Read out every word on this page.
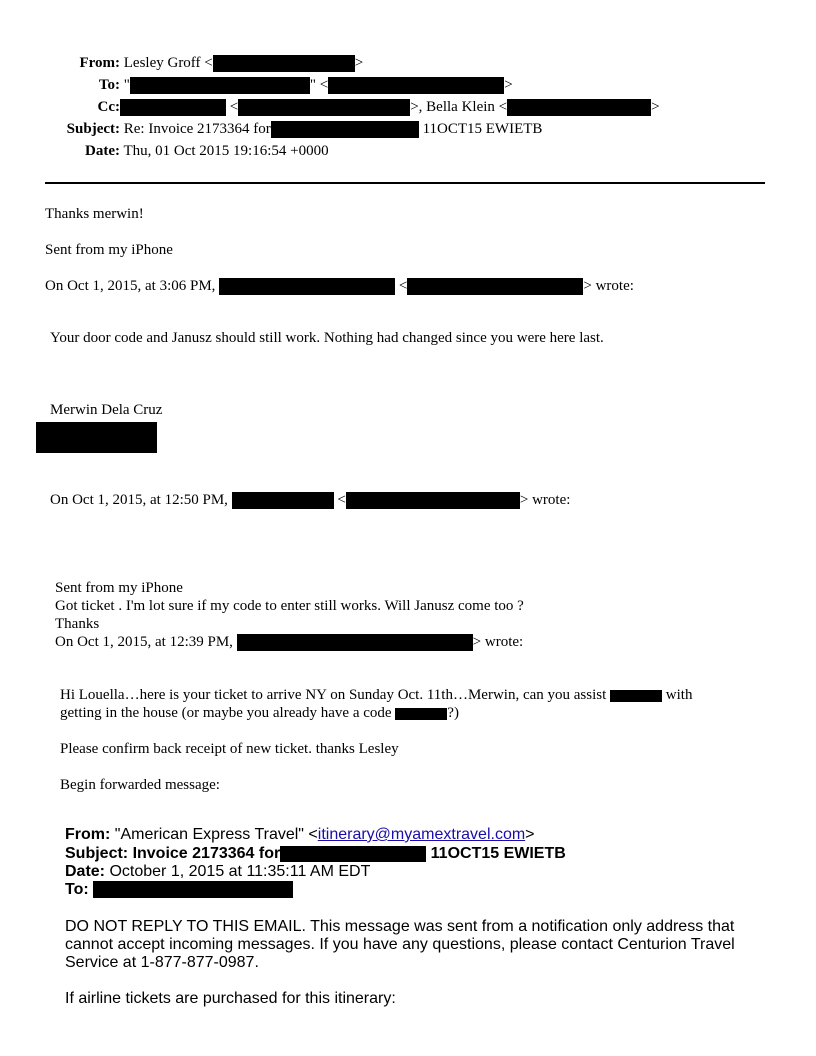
From: Lesley Groff <	>
To: "	" <	>
Cc:	<	>, Bella Klein <	>
Subject: Re: Invoice 2173364 for	11OCT15 EWIETB
Date: Thu, 01 Oct 2015 19:16:54 +0000
Thanks merwin!
Sent from my iPhone
On Oct 1, 2015, at 3:06 PM,	<	> wrote:
Your door code and Janusz should still work. Nothing had changed since you were here last.
Merwin Dela Cruz
On Oct 1, 2015, at 12:50 PM,	<	> wrote:
Sent from my iPhone
Got ticket . I'm lot sure if my code to enter still works. Will Janusz come too ?
Thanks
On Oct 1, 2015, at 12:39 PM,	> wrote:
Hi Louella…here is your ticket to arrive NY on Sunday Oct. 11th…Merwin, can you assist	with
getting in the house (or maybe you already have a code	?)
Please confirm back receipt of new ticket. thanks Lesley
Begin forwarded message:
From: "American Express Travel" <itinerary@myamextravel.com>
Subject: Invoice 2173364 for	11OCT15 EWIETB
Date: October 1, 2015 at 11:35:11 AM EDT
To:
DO NOT REPLY TO THIS EMAIL. This message was sent from a notification only address that
cannot accept incoming messages. If you have any questions, please contact Centurion Travel
Service at 1-877-877-0987.
If airline tickets are purchased for this itinerary:
